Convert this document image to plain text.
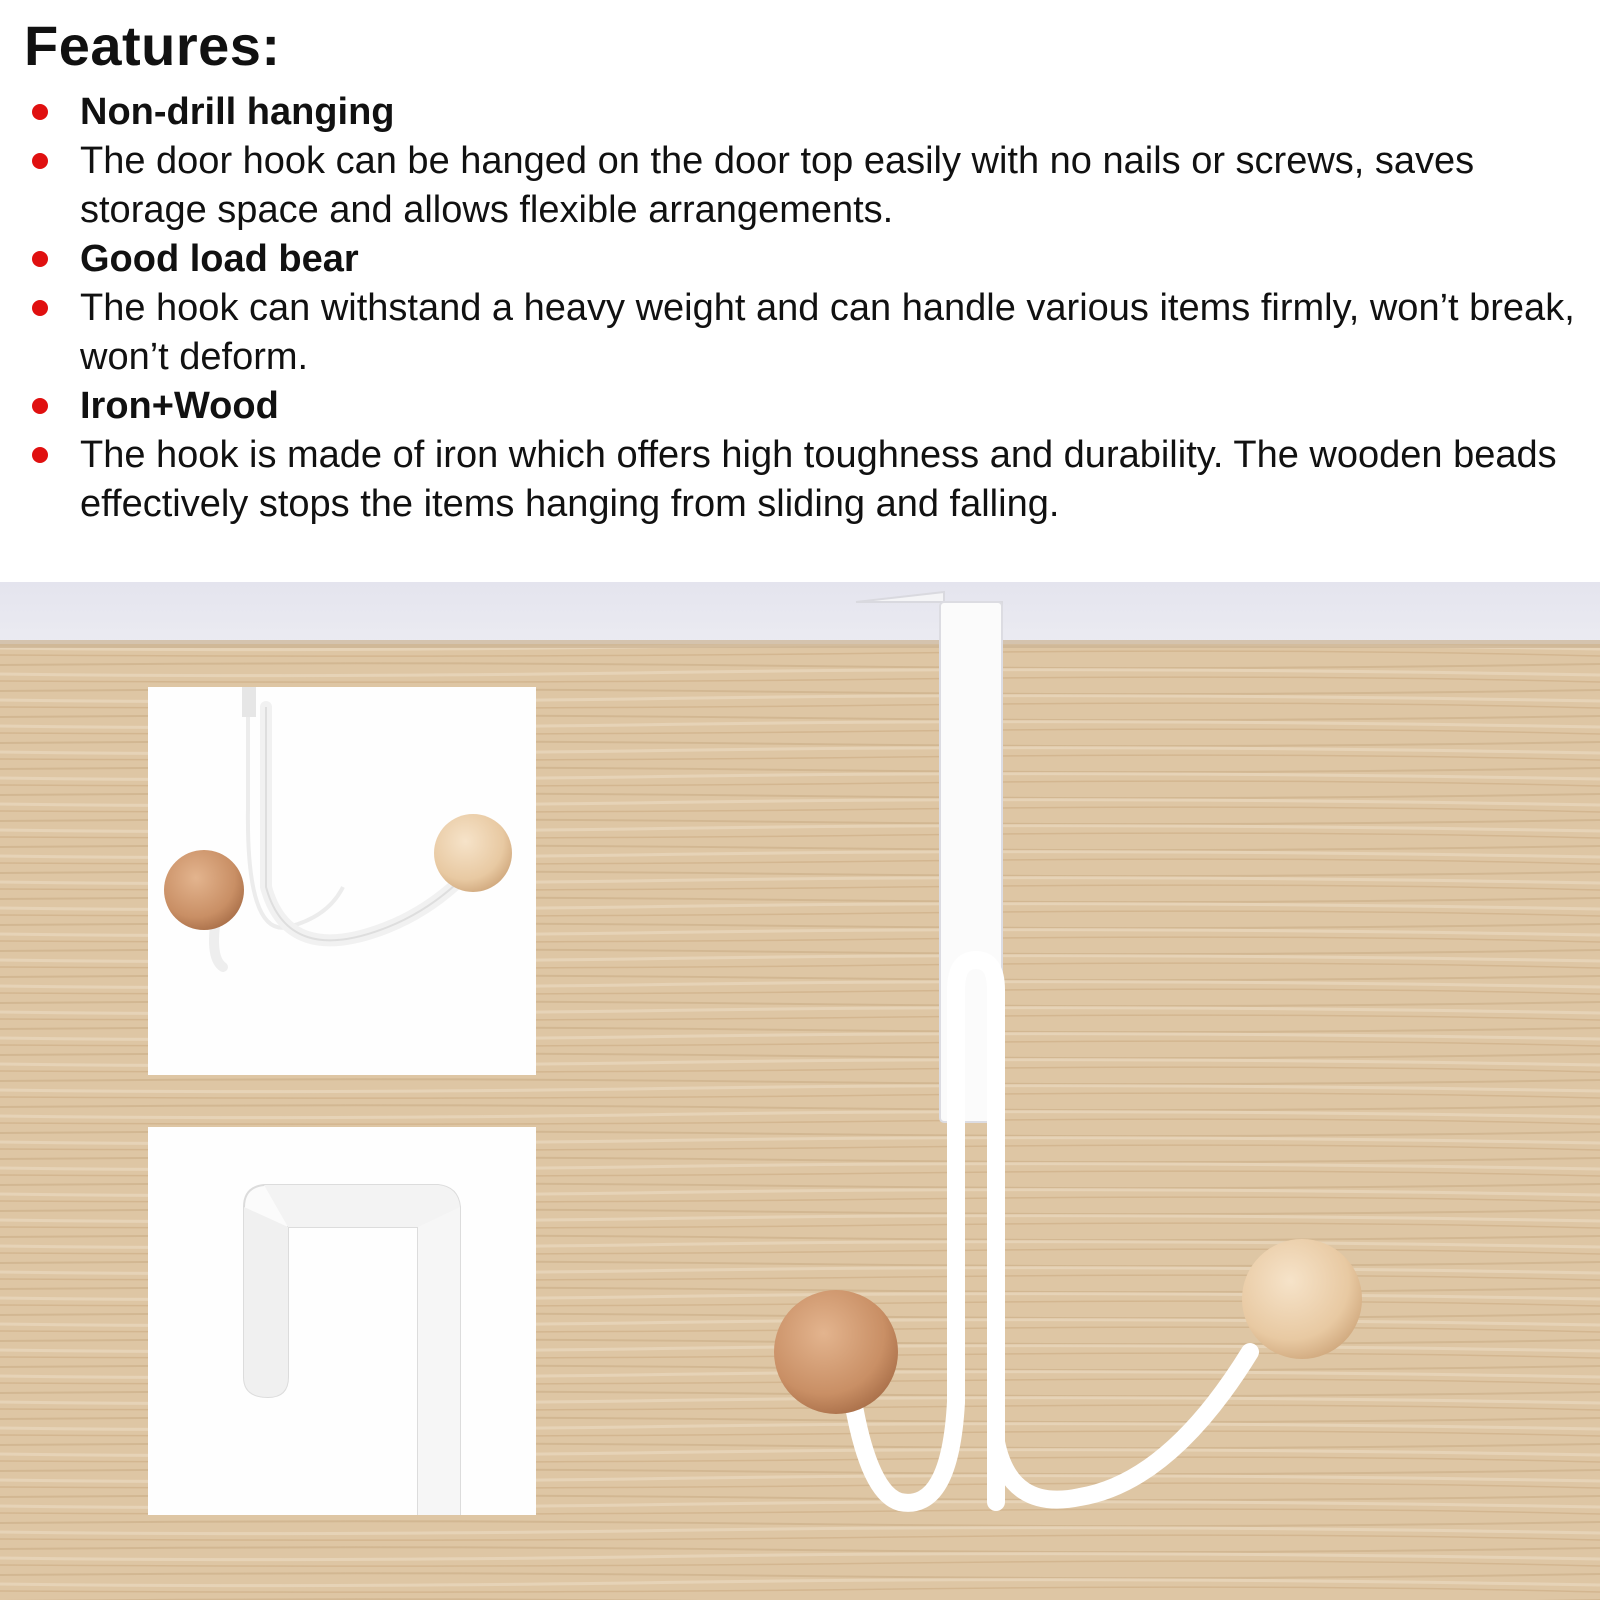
Features:
Non-drill hanging
The door hook can be hanged on the door top easily with no nails or screws, saves storage space and allows flexible arrangements.
Good load bear
The hook can withstand a heavy weight and can handle various items firmly, won’t break, won’t deform.
Iron+Wood
The hook is made of iron which offers high toughness and durability. The wooden beads effectively stops the items hanging from sliding and falling.
